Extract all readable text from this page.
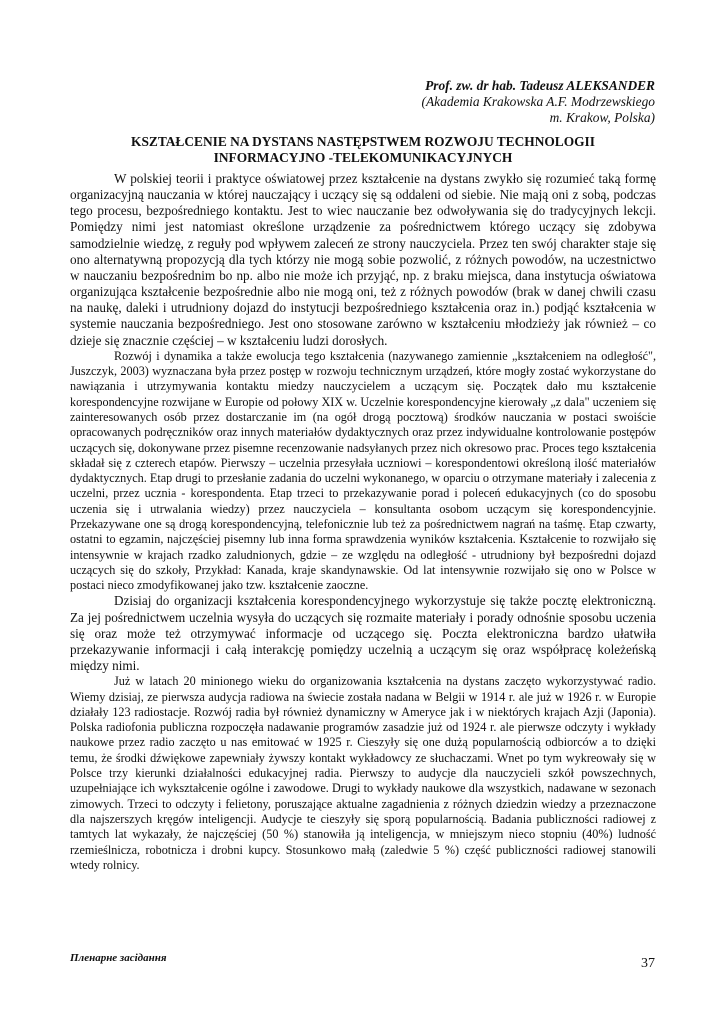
Prof. zw. dr hab. Tadeusz ALEKSANDER
(Akademia Krakowska A.F. Modrzewskiego
m. Krakow, Polska)
KSZTAŁCENIE NA DYSTANS NASTĘPSTWEM ROZWOJU TECHNOLOGII
INFORMACYJNO -TELEKOMUNIKACYJNYCH

W polskiej teorii i praktyce oświatowej przez kształcenie na dystans zwykło się rozumieć taką formę organizacyjną nauczania w której nauczający i uczący się są oddaleni od siebie. Nie mają oni z sobą, podczas tego procesu, bezpośredniego kontaktu. Jest to wiec nauczanie bez odwoływania się do tradycyjnych lekcji. Pomiędzy nimi jest natomiast określone urządzenie za pośrednictwem którego uczący się zdobywa samodzielnie wiedzę, z reguły pod wpływem zaleceń ze strony nauczyciela. Przez ten swój charakter staje się ono alternatywną propozycją dla tych którzy nie mogą sobie pozwolić, z różnych powodów, na uczestnictwo w nauczaniu bezpośrednim bo np. albo nie może ich przyjąć, np. z braku miejsca, dana instytucja oświatowa organizująca kształcenie bezpośrednie albo nie mogą oni, też z różnych powodów (brak w danej chwili czasu na naukę, daleki i utrudniony dojazd do instytucji bezpośredniego kształcenia oraz in.) podjąć kształcenia w systemie nauczania bezpośredniego. Jest ono stosowane zarówno w kształceniu młodzieży jak również – co dzieje się znacznie częściej – w kształceniu ludzi dorosłych.

Rozwój i dynamika a także ewolucja tego kształcenia (nazywanego zamiennie „kształceniem na odległość", Juszczyk, 2003) wyznaczana była przez postęp w rozwoju technicznym urządzeń, które mogły zostać wykorzystane do nawiązania i utrzymywania kontaktu miedzy nauczycielem a uczącym się. Początek dało mu kształcenie korespondencyjne rozwijane w Europie od połowy XIX w. Uczelnie korespondencyjne kierowały „z dala" uczeniem się zainteresowanych osób przez dostarczanie im (na ogół drogą pocztową) środków nauczania w postaci swoiście opracowanych podręczników oraz innych materiałów dydaktycznych oraz przez indywidualne kontrolowanie postępów uczących się, dokonywane przez pisemne recenzowanie nadsyłanych przez nich okresowo prac. Proces tego kształcenia składał się z czterech etapów. Pierwszy – uczelnia przesyłała uczniowi – korespondentowi określoną ilość materiałów dydaktycznych. Etap drugi to przesłanie zadania do uczelni wykonanego, w oparciu o otrzymane materiały i zalecenia z uczelni, przez ucznia - korespondenta. Etap trzeci to przekazywanie porad i poleceń edukacyjnych (co do sposobu uczenia się i utrwalania wiedzy) przez nauczyciela – konsultanta osobom uczącym się korespondencyjnie. Przekazywane one są drogą korespondencyjną, telefonicznie lub też za pośrednictwem nagrań na taśmę. Etap czwarty, ostatni to egzamin, najczęściej pisemny lub inna forma sprawdzenia wyników kształcenia. Kształcenie to rozwijało się intensywnie w krajach rzadko zaludnionych, gdzie – ze względu na odległość - utrudniony był bezpośredni dojazd uczących się do szkoły, Przykład: Kanada, kraje skandynawskie. Od lat intensywnie rozwijało się ono w Polsce w postaci nieco zmodyfikowanej jako tzw. kształcenie zaoczne.

Dzisiaj do organizacji kształcenia korespondencyjnego wykorzystuje się także pocztę elektroniczną. Za jej pośrednictwem uczelnia wysyła do uczących się rozmaite materiały i porady odnośnie sposobu uczenia się oraz może też otrzymywać informacje od uczącego się. Poczta elektroniczna bardzo ułatwiła przekazywanie informacji i całą interakcję pomiędzy uczelnią a uczącym się oraz współpracę koleżeńską między nimi.

Już w latach 20 minionego wieku do organizowania kształcenia na dystans zaczęto wykorzystywać radio. Wiemy dzisiaj, ze pierwsza audycja radiowa na świecie została nadana w Belgii w 1914 r. ale już w 1926 r. w Europie działały 123 radiostacje. Rozwój radia był również dynamiczny w Ameryce jak i w niektórych krajach Azji (Japonia). Polska radiofonia publiczna rozpoczęła nadawanie programów zasadzie już od 1924 r. ale pierwsze odczyty i wykłady naukowe przez radio zaczęto u nas emitować w 1925 r. Cieszyły się one dużą popularnością odbiorców a to dzięki temu, że środki dźwiękowe zapewniały żywszy kontakt wykładowcy ze słuchaczami. Wnet po tym wykreowały się w Polsce trzy kierunki działalności edukacyjnej radia. Pierwszy to audycje dla nauczycieli szkół powszechnych, uzupełniające ich wykształcenie ogólne i zawodowe. Drugi to wykłady naukowe dla wszystkich, nadawane w sezonach zimowych. Trzeci to odczyty i felietony, poruszające aktualne zagadnienia z różnych dziedzin wiedzy a przeznaczone dla najszerszych kręgów inteligencji. Audycje te cieszyły się sporą popularnością. Badania publiczności radiowej z tamtych lat wykazały, że najczęściej (50 %) stanowiła ją inteligencja, w mniejszym nieco stopniu (40%) ludność rzemieślnicza, robotnicza i drobni kupcy. Stosunkowo małą (zaledwie 5 %) część publiczności radiowej stanowili wtedy rolnicy.

Пленарне засідання	37
